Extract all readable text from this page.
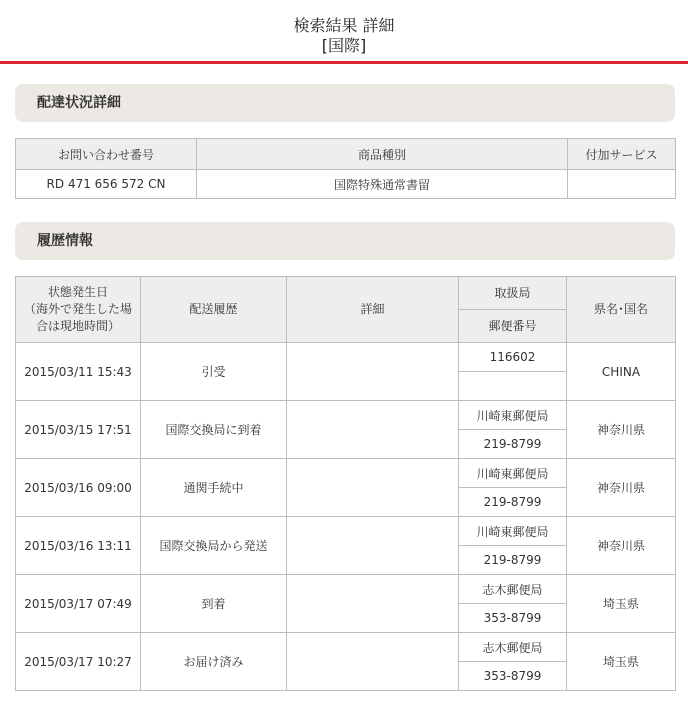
検索結果 詳細
[国際]
配達状況詳細
お問い合わせ番号	商品種別	付加サービス
RD 471 656 572 CN	国際特殊通常書留	
履歴情報
状態発生日
（海外で発生した場
合は現地時間）	配送履歴	詳細	取扱局	県名･国名
			郵便番号	
2015/03/11 15:43	引受		116602	CHINA

2015/03/15 17:51	国際交換局に到着		川崎東郵便局	神奈川県
			219-8799	
2015/03/16 09:00	通関手続中		川崎東郵便局	神奈川県
			219-8799	
2015/03/16 13:11	国際交換局から発送		川崎東郵便局	神奈川県
			219-8799	
2015/03/17 07:49	到着		志木郵便局	埼玉県
			353-8799	
2015/03/17 10:27	お届け済み		志木郵便局	埼玉県
			353-8799	
